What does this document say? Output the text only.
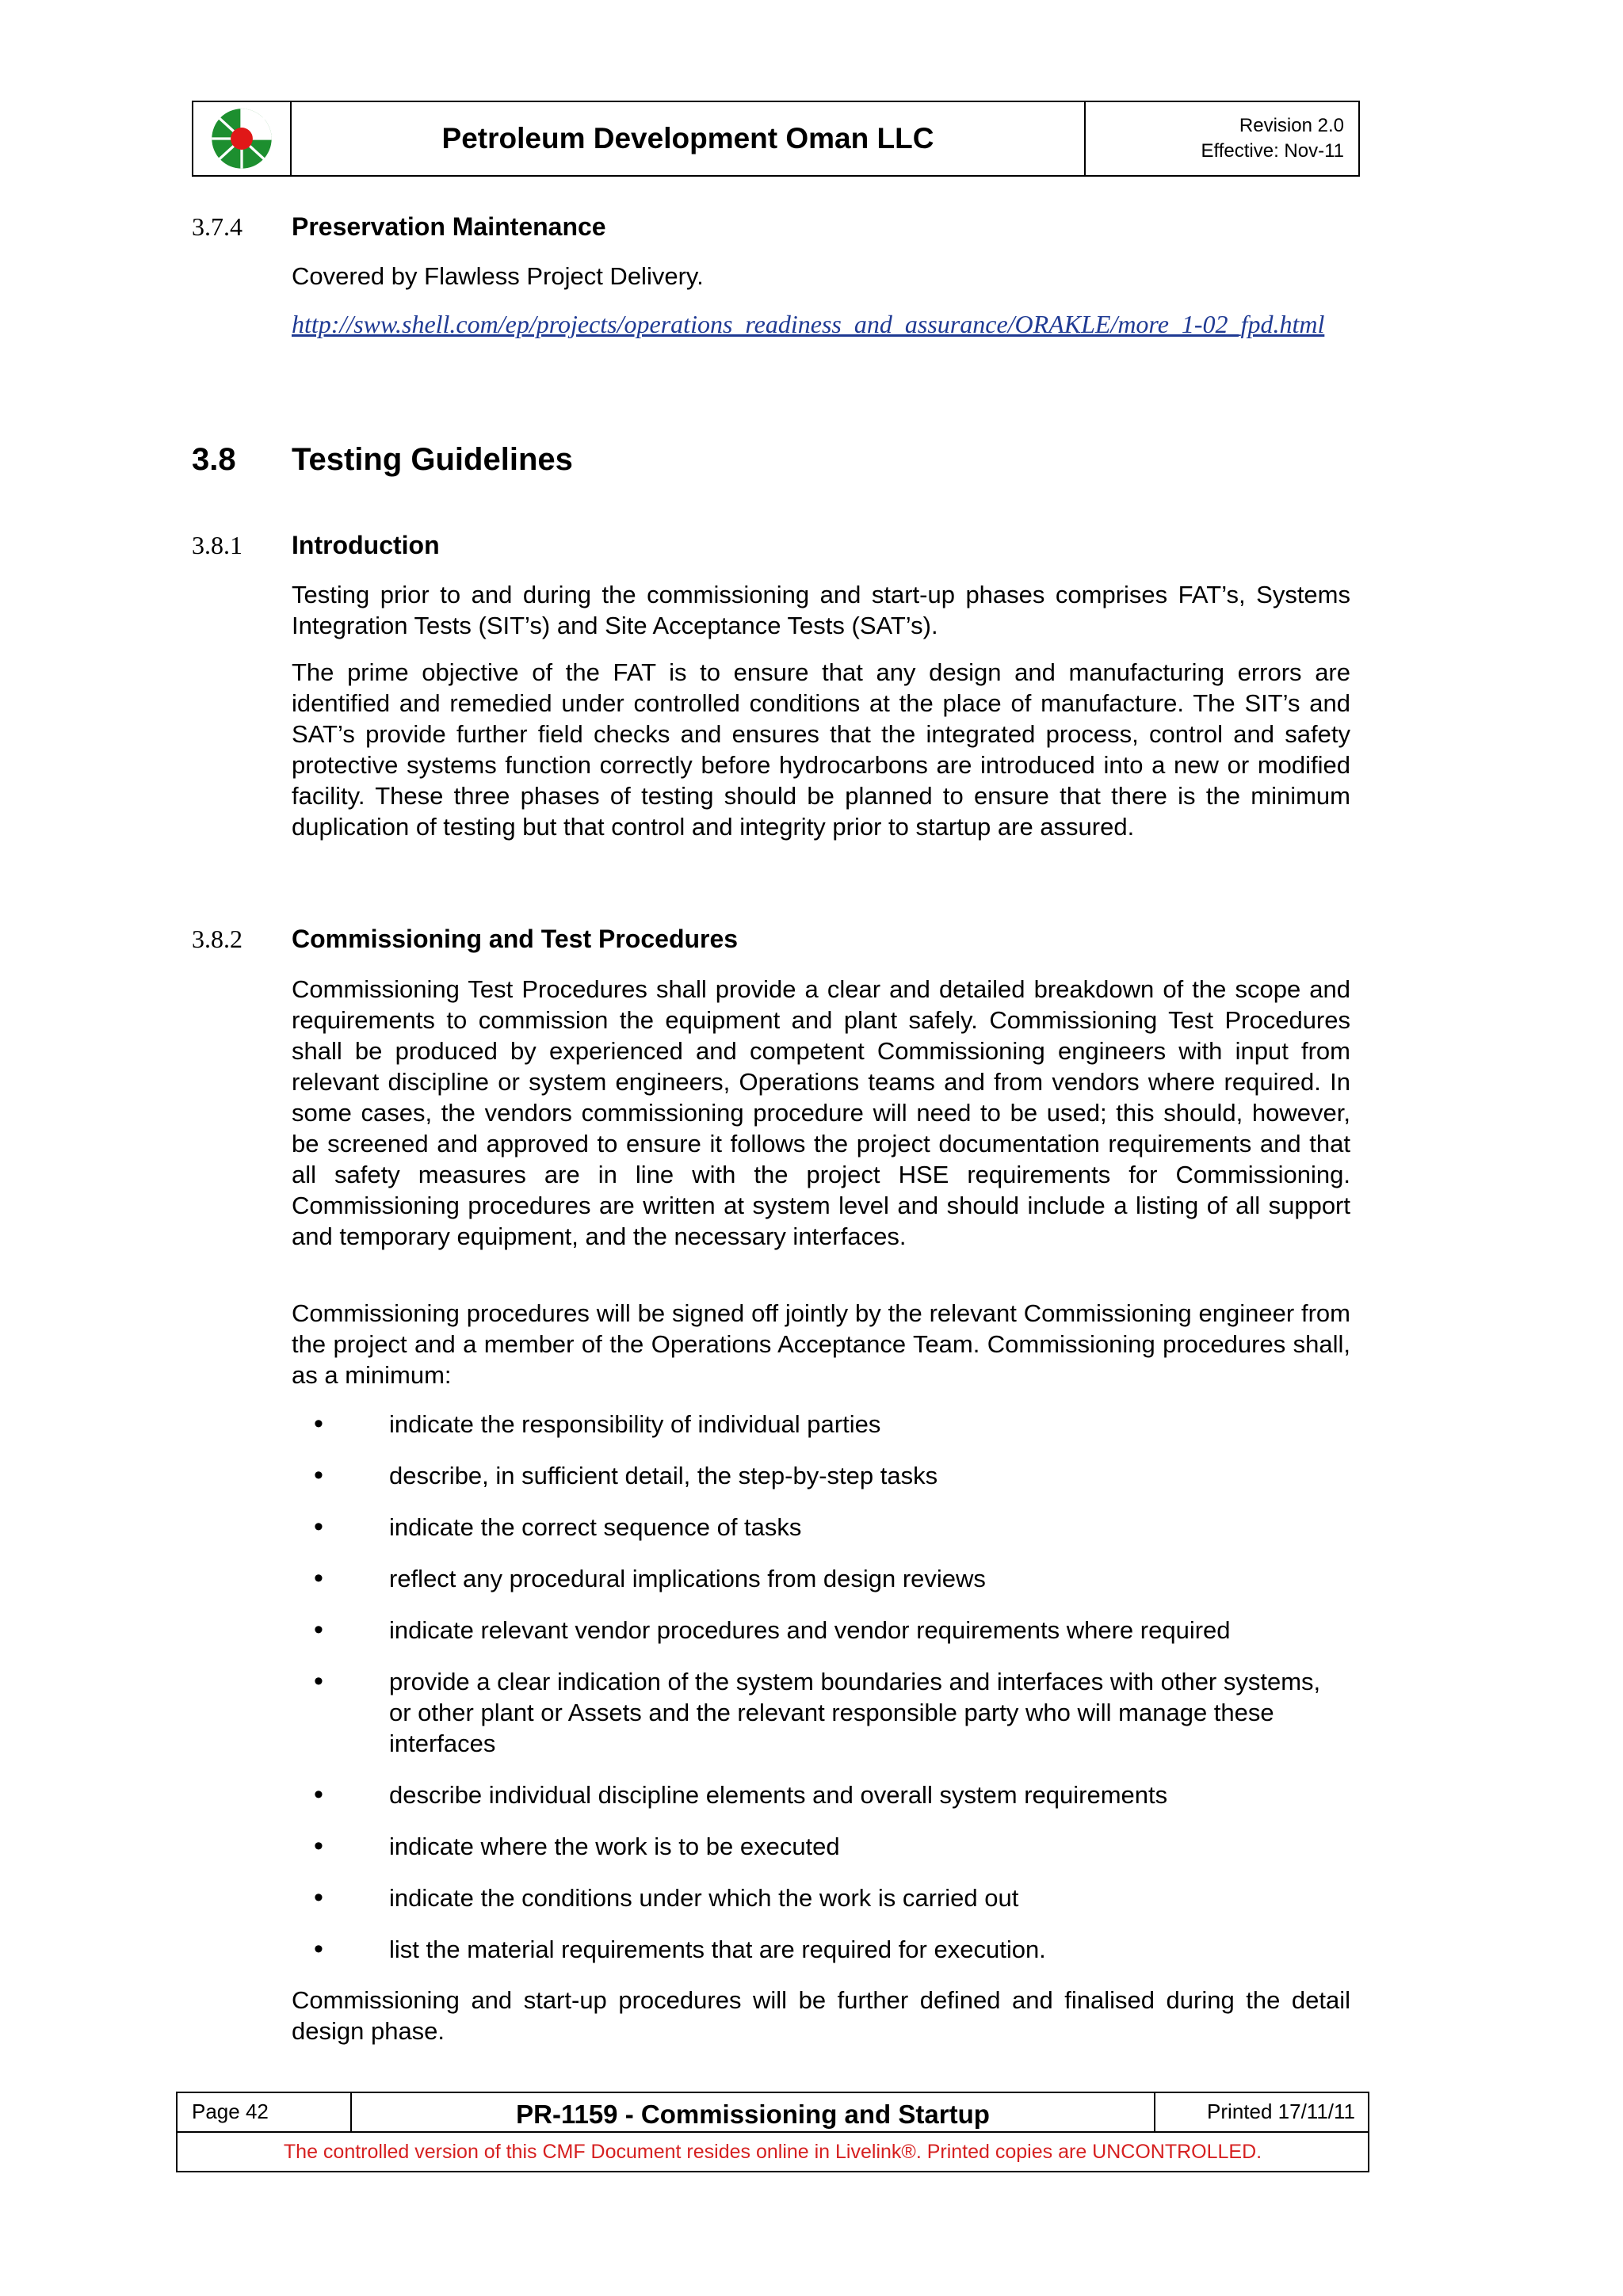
Petroleum Development Oman LLC	Revision 2.0
Effective: Nov-11
3.7.4 Preservation Maintenance
Covered by Flawless Project Delivery.
http://sww.shell.com/ep/projects/operations_readiness_and_assurance/ORAKLE/more_1-02_fpd.html
3.8 Testing Guidelines
3.8.1 Introduction
Testing prior to and during the commissioning and start-up phases comprises FAT’s, Systems Integration Tests (SIT’s) and Site Acceptance Tests (SAT’s).
The prime objective of the FAT is to ensure that any design and manufacturing errors are identified and remedied under controlled conditions at the place of manufacture. The SIT’s and SAT’s provide further field checks and ensures that the integrated process, control and safety protective systems function correctly before hydrocarbons are introduced into a new or modified facility. These three phases of testing should be planned to ensure that there is the minimum duplication of testing but that control and integrity prior to startup are assured.
3.8.2 Commissioning and Test Procedures
Commissioning Test Procedures shall provide a clear and detailed breakdown of the scope and requirements to commission the equipment and plant safely. Commissioning Test Procedures shall be produced by experienced and competent Commissioning engineers with input from relevant discipline or system engineers, Operations teams and from vendors where required. In some cases, the vendors commissioning procedure will need to be used; this should, however, be screened and approved to ensure it follows the project documentation requirements and that all safety measures are in line with the project HSE requirements for Commissioning. Commissioning procedures are written at system level and should include a listing of all support and temporary equipment, and the necessary interfaces.
Commissioning procedures will be signed off jointly by the relevant Commissioning engineer from the project and a member of the Operations Acceptance Team. Commissioning procedures shall, as a minimum:
•	indicate the responsibility of individual parties
•	describe, in sufficient detail, the step-by-step tasks
•	indicate the correct sequence of tasks
•	reflect any procedural implications from design reviews
•	indicate relevant vendor procedures and vendor requirements where required
•	provide a clear indication of the system boundaries and interfaces with other systems, or other plant or Assets and the relevant responsible party who will manage these interfaces
•	describe individual discipline elements and overall system requirements
•	indicate where the work is to be executed
•	indicate the conditions under which the work is carried out
•	list the material requirements that are required for execution.
Commissioning and start-up procedures will be further defined and finalised during the detail design phase.
Page 42	PR-1159 - Commissioning and Startup	Printed 17/11/11
The controlled version of this CMF Document resides online in Livelink®. Printed copies are UNCONTROLLED.
